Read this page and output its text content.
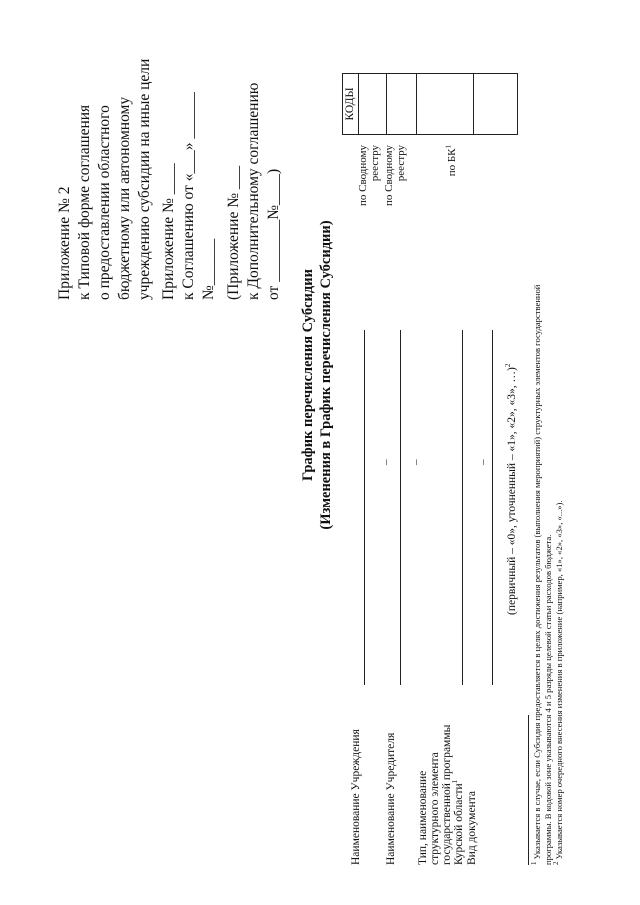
Приложение № 2 к Типовой форме соглашения о предоставлении областного бюджетному или автономному учреждению субсидии на иные цели Приложение № ____ к Соглашению от «___» ______ №______ (Приложение № ___ к Дополнительному соглашению от ________№____)
График перечисления Субсидии (Изменения в График перечисления Субсидии)
Наименование Учреждения Наименование Учредителя Тип, наименование структурного элемента государственной программы Курской области$^1$
Вид документа
– –	– (первичный – «0», уточненный – «1», «2», «3», …)$^2$
по Сводному реестру по Сводному реестру	по $БК^1$
КОДЫ
$^1$ Указывается в случае, если Субсидия предоставляется в целях достижения результатов (выполнения мероприятий) структурных элементов государственной программы. В кодовой зоне указываются 4 и 5 разряды целевой статьи расходов бюджета. $^2$ Указывается номер очередного внесения изменения в приложение (например, «1», «2», «3», «...»).
